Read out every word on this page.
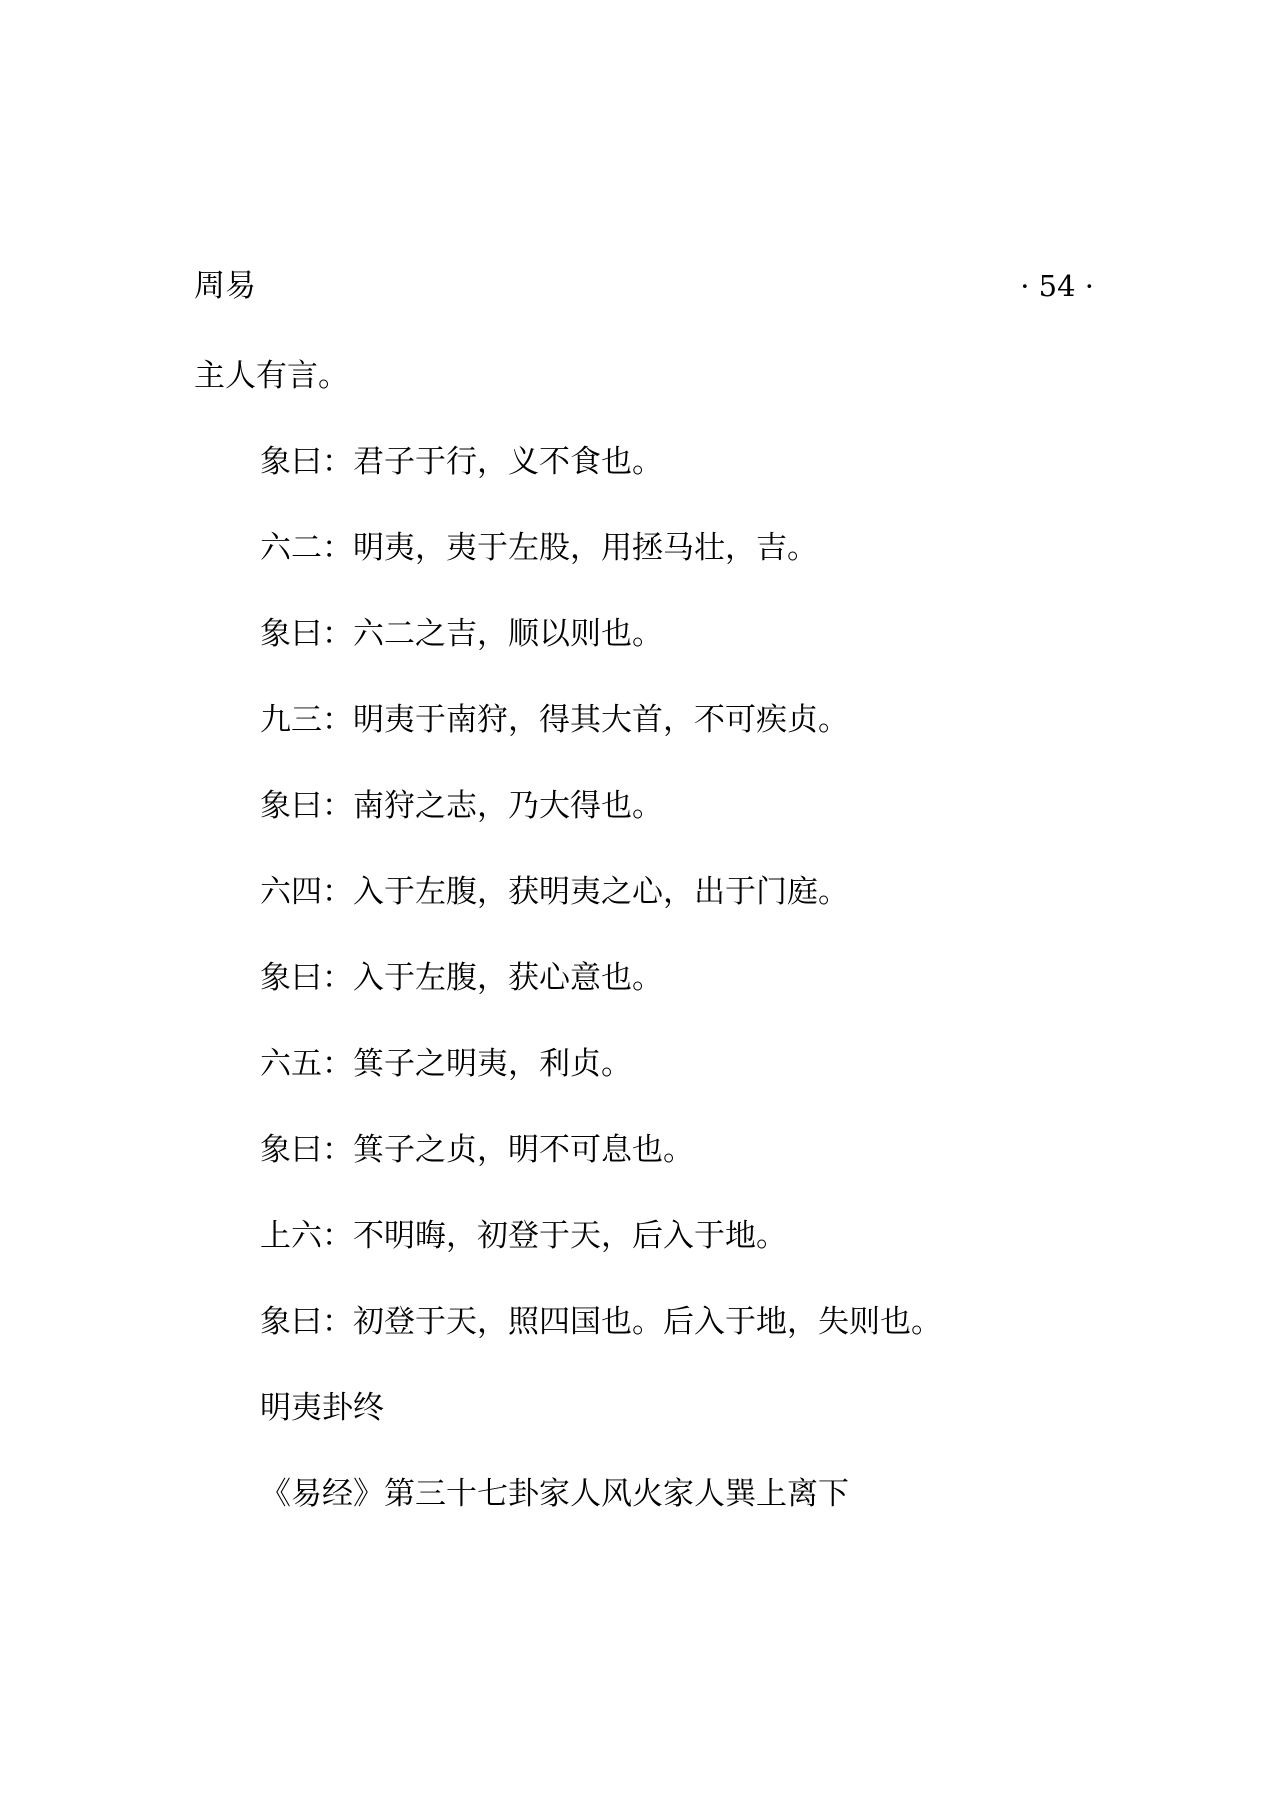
周易	· 54 ·
主人有言。
象曰：君子于行，义不食也。
六二：明夷，夷于左股，用拯马壮，吉。
象曰：六二之吉，顺以则也。
九三：明夷于南狩，得其大首，不可疾贞。
象曰：南狩之志，乃大得也。
六四：入于左腹，获明夷之心，出于门庭。
象曰：入于左腹，获心意也。
六五：箕子之明夷，利贞。
象曰：箕子之贞，明不可息也。
上六：不明晦，初登于天，后入于地。
象曰：初登于天，照四国也。后入于地，失则也。
明夷卦终
《易经》第三十七卦家人风火家人巽上离下
